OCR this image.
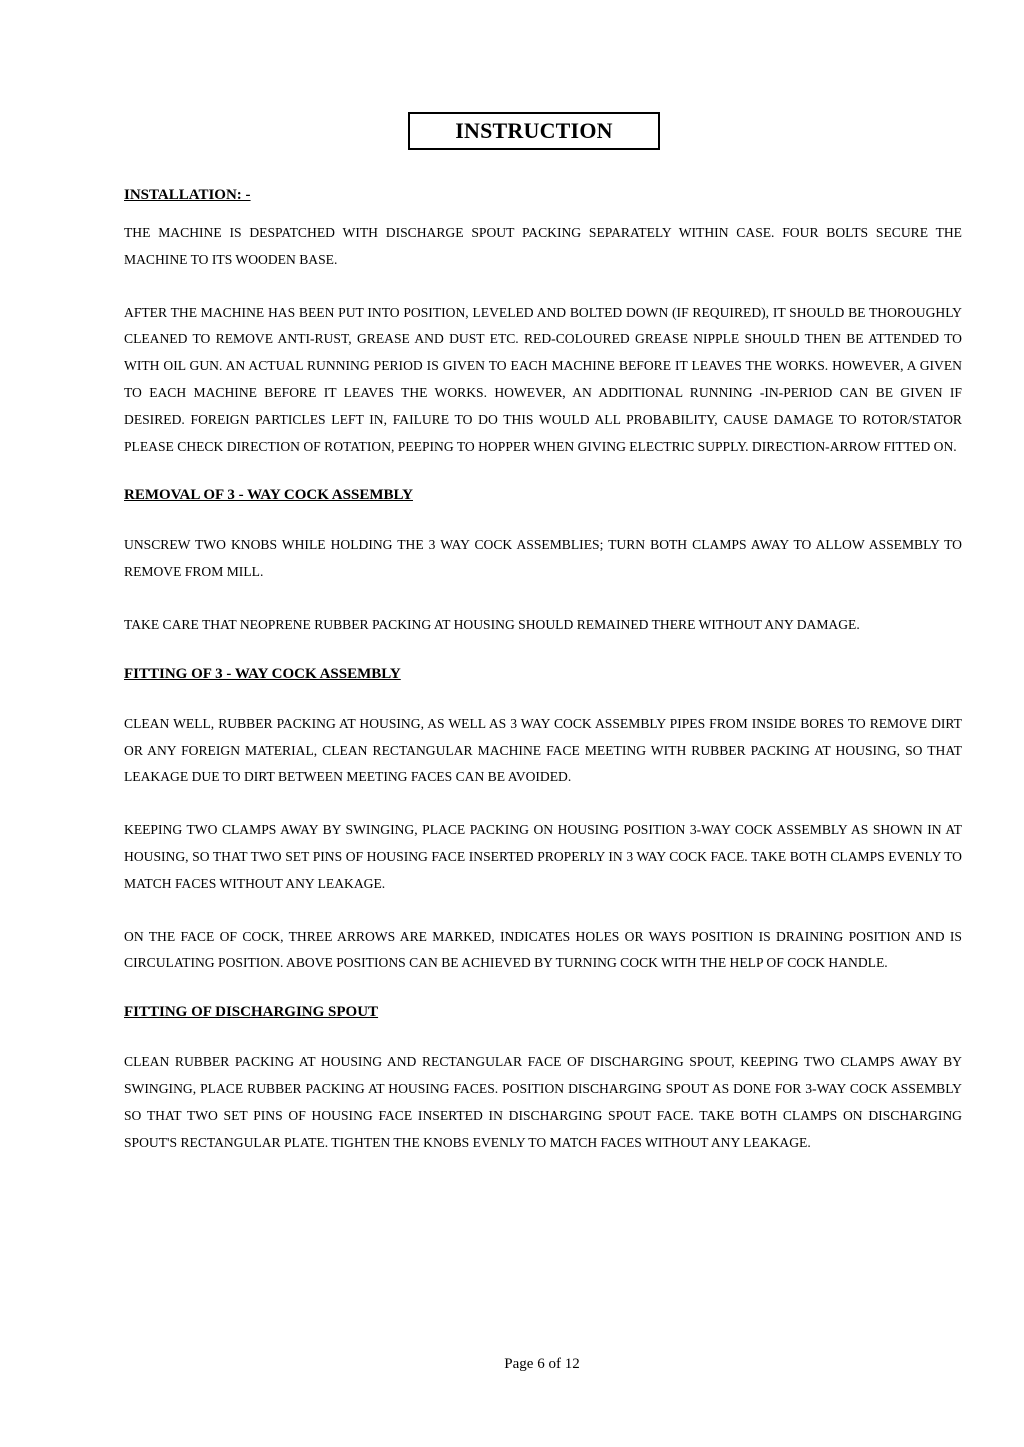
INSTRUCTION
INSTALLATION: -

THE MACHINE IS DESPATCHED WITH DISCHARGE SPOUT PACKING SEPARATELY WITHIN CASE. FOUR BOLTS SECURE THE MACHINE TO ITS WOODEN BASE.

AFTER THE MACHINE HAS BEEN PUT INTO POSITION, LEVELED AND BOLTED DOWN (IF REQUIRED), IT SHOULD BE THOROUGHLY CLEANED TO REMOVE ANTI-RUST, GREASE AND DUST ETC. RED-COLOURED GREASE NIPPLE SHOULD THEN BE ATTENDED TO WITH OIL GUN. AN ACTUAL RUNNING PERIOD IS GIVEN TO EACH MACHINE BEFORE IT LEAVES THE WORKS. HOWEVER, A GIVEN TO EACH MACHINE BEFORE IT LEAVES THE WORKS. HOWEVER, AN ADDITIONAL RUNNING -IN-PERIOD CAN BE GIVEN IF DESIRED. FOREIGN PARTICLES LEFT IN, FAILURE TO DO THIS WOULD ALL PROBABILITY, CAUSE DAMAGE TO ROTOR/STATOR PLEASE CHECK DIRECTION OF ROTATION, PEEPING TO HOPPER WHEN GIVING ELECTRIC SUPPLY. DIRECTION-ARROW FITTED ON.

REMOVAL OF 3 - WAY COCK ASSEMBLY

UNSCREW TWO KNOBS WHILE HOLDING THE 3 WAY COCK ASSEMBLIES; TURN BOTH CLAMPS AWAY TO ALLOW ASSEMBLY TO REMOVE FROM MILL.

TAKE CARE THAT NEOPRENE RUBBER PACKING AT HOUSING SHOULD REMAINED THERE WITHOUT ANY DAMAGE.

FITTING OF 3 - WAY COCK ASSEMBLY

CLEAN WELL, RUBBER PACKING AT HOUSING, AS WELL AS 3 WAY COCK ASSEMBLY PIPES FROM INSIDE BORES TO REMOVE DIRT OR ANY FOREIGN MATERIAL, CLEAN RECTANGULAR MACHINE FACE MEETING WITH RUBBER PACKING AT HOUSING, SO THAT LEAKAGE DUE TO DIRT BETWEEN MEETING FACES CAN BE AVOIDED.

KEEPING TWO CLAMPS AWAY BY SWINGING, PLACE PACKING ON HOUSING POSITION 3-WAY COCK ASSEMBLY AS SHOWN IN AT HOUSING, SO THAT TWO SET PINS OF HOUSING FACE INSERTED PROPERLY IN 3 WAY COCK FACE. TAKE BOTH CLAMPS EVENLY TO MATCH FACES WITHOUT ANY LEAKAGE.

ON THE FACE OF COCK, THREE ARROWS ARE MARKED, INDICATES HOLES OR WAYS POSITION IS DRAINING POSITION AND IS CIRCULATING POSITION. ABOVE POSITIONS CAN BE ACHIEVED BY TURNING COCK WITH THE HELP OF COCK HANDLE.

FITTING OF DISCHARGING SPOUT

CLEAN RUBBER PACKING AT HOUSING AND RECTANGULAR FACE OF DISCHARGING SPOUT, KEEPING TWO CLAMPS AWAY BY SWINGING, PLACE RUBBER PACKING AT HOUSING FACES. POSITION DISCHARGING SPOUT AS DONE FOR 3-WAY COCK ASSEMBLY SO THAT TWO SET PINS OF HOUSING FACE INSERTED IN DISCHARGING SPOUT FACE. TAKE BOTH CLAMPS ON DISCHARGING SPOUT'S RECTANGULAR PLATE. TIGHTEN THE KNOBS EVENLY TO MATCH FACES WITHOUT ANY LEAKAGE.

Page 6 of 12
